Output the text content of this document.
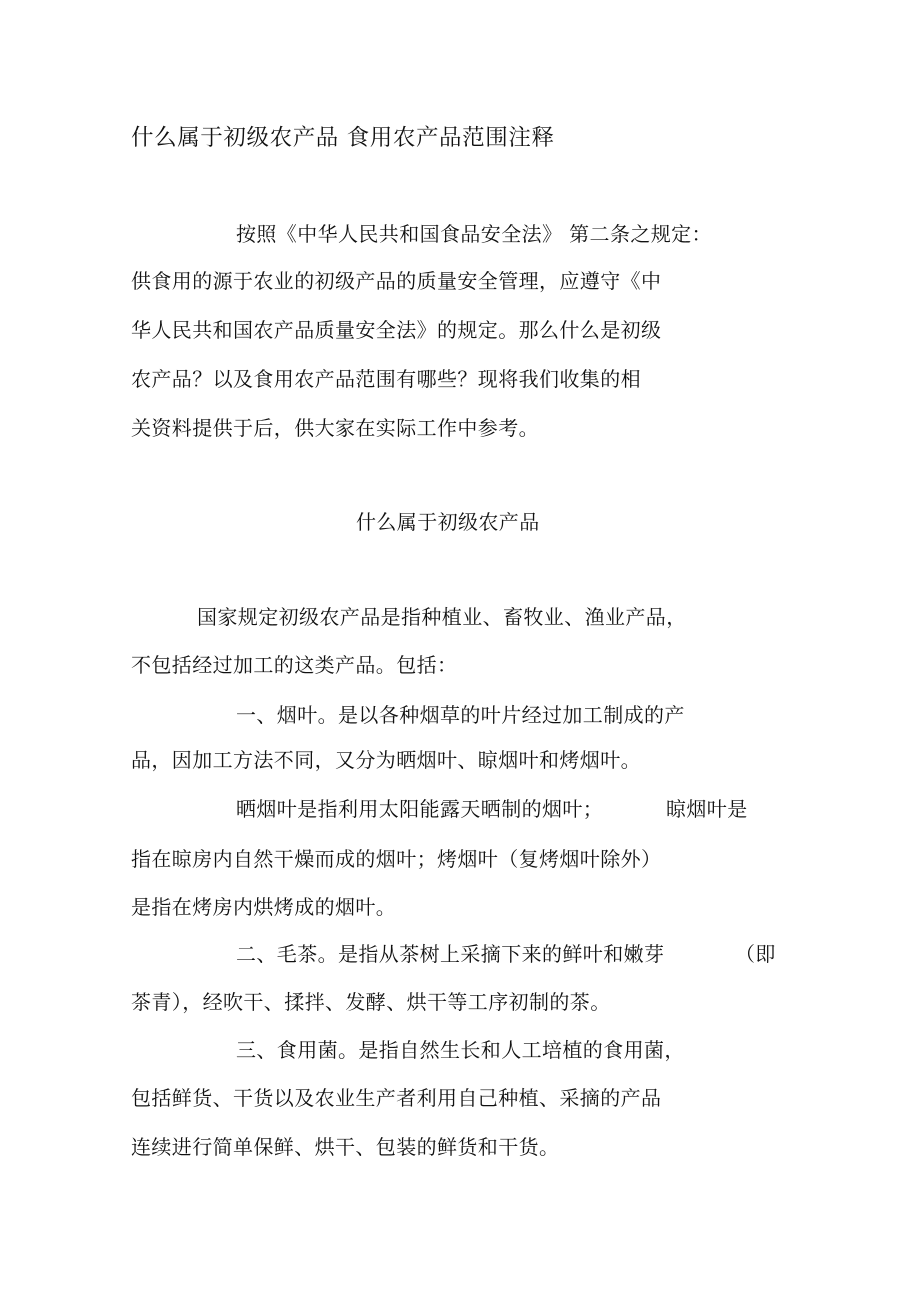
什么属于初级农产品 食用农产品范围注释
按照《中华人民共和国食品安全法》 第二条之规定：
供食用的源于农业的初级产品的质量安全管理，应遵守《中
华人民共和国农产品质量安全法》的规定。那么什么是初级
农产品？以及食用农产品范围有哪些？现将我们收集的相
关资料提供于后，供大家在实际工作中参考。
什么属于初级农产品
国家规定初级农产品是指种植业、畜牧业、渔业产品，
不包括经过加工的这类产品。包括：
一、烟叶。是以各种烟草的叶片经过加工制成的产
品，因加工方法不同，又分为晒烟叶、晾烟叶和烤烟叶。
晒烟叶是指利用太阳能露天晒制的烟叶；	晾烟叶是
指在晾房内自然干燥而成的烟叶；烤烟叶（复烤烟叶除外）
是指在烤房内烘烤成的烟叶。
二、毛茶。是指从茶树上采摘下来的鲜叶和嫩芽	（即
茶青），经吹干、揉拌、发酵、烘干等工序初制的茶。
三、食用菌。是指自然生长和人工培植的食用菌，
包括鲜货、干货以及农业生产者利用自己种植、采摘的产品
连续进行简单保鲜、烘干、包装的鲜货和干货。
